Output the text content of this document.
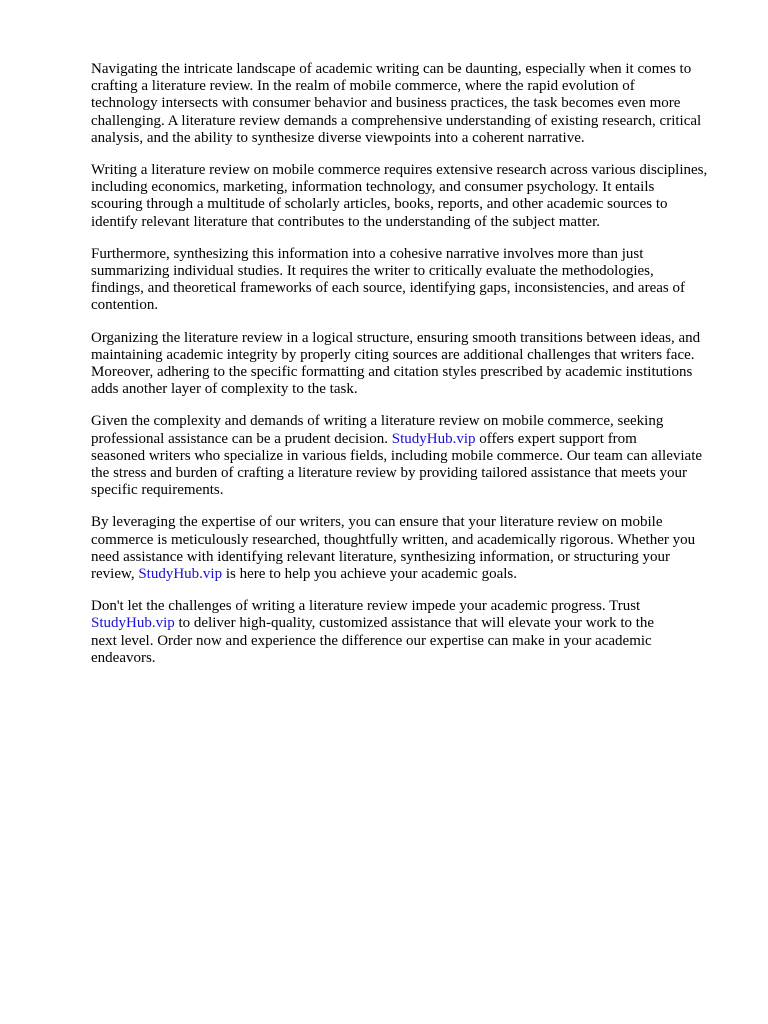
Navigating the intricate landscape of academic writing can be daunting, especially when it comes to
crafting a literature review. In the realm of mobile commerce, where the rapid evolution of
technology intersects with consumer behavior and business practices, the task becomes even more
challenging. A literature review demands a comprehensive understanding of existing research, critical
analysis, and the ability to synthesize diverse viewpoints into a coherent narrative.

Writing a literature review on mobile commerce requires extensive research across various disciplines,
including economics, marketing, information technology, and consumer psychology. It entails
scouring through a multitude of scholarly articles, books, reports, and other academic sources to
identify relevant literature that contributes to the understanding of the subject matter.

Furthermore, synthesizing this information into a cohesive narrative involves more than just
summarizing individual studies. It requires the writer to critically evaluate the methodologies,
findings, and theoretical frameworks of each source, identifying gaps, inconsistencies, and areas of
contention.

Organizing the literature review in a logical structure, ensuring smooth transitions between ideas, and
maintaining academic integrity by properly citing sources are additional challenges that writers face.
Moreover, adhering to the specific formatting and citation styles prescribed by academic institutions
adds another layer of complexity to the task.

Given the complexity and demands of writing a literature review on mobile commerce, seeking
professional assistance can be a prudent decision. StudyHub.vip offers expert support from
seasoned writers who specialize in various fields, including mobile commerce. Our team can alleviate
the stress and burden of crafting a literature review by providing tailored assistance that meets your
specific requirements.

By leveraging the expertise of our writers, you can ensure that your literature review on mobile
commerce is meticulously researched, thoughtfully written, and academically rigorous. Whether you
need assistance with identifying relevant literature, synthesizing information, or structuring your
review, StudyHub.vip is here to help you achieve your academic goals.

Don't let the challenges of writing a literature review impede your academic progress. Trust
StudyHub.vip to deliver high-quality, customized assistance that will elevate your work to the
next level. Order now and experience the difference our expertise can make in your academic
endeavors.
